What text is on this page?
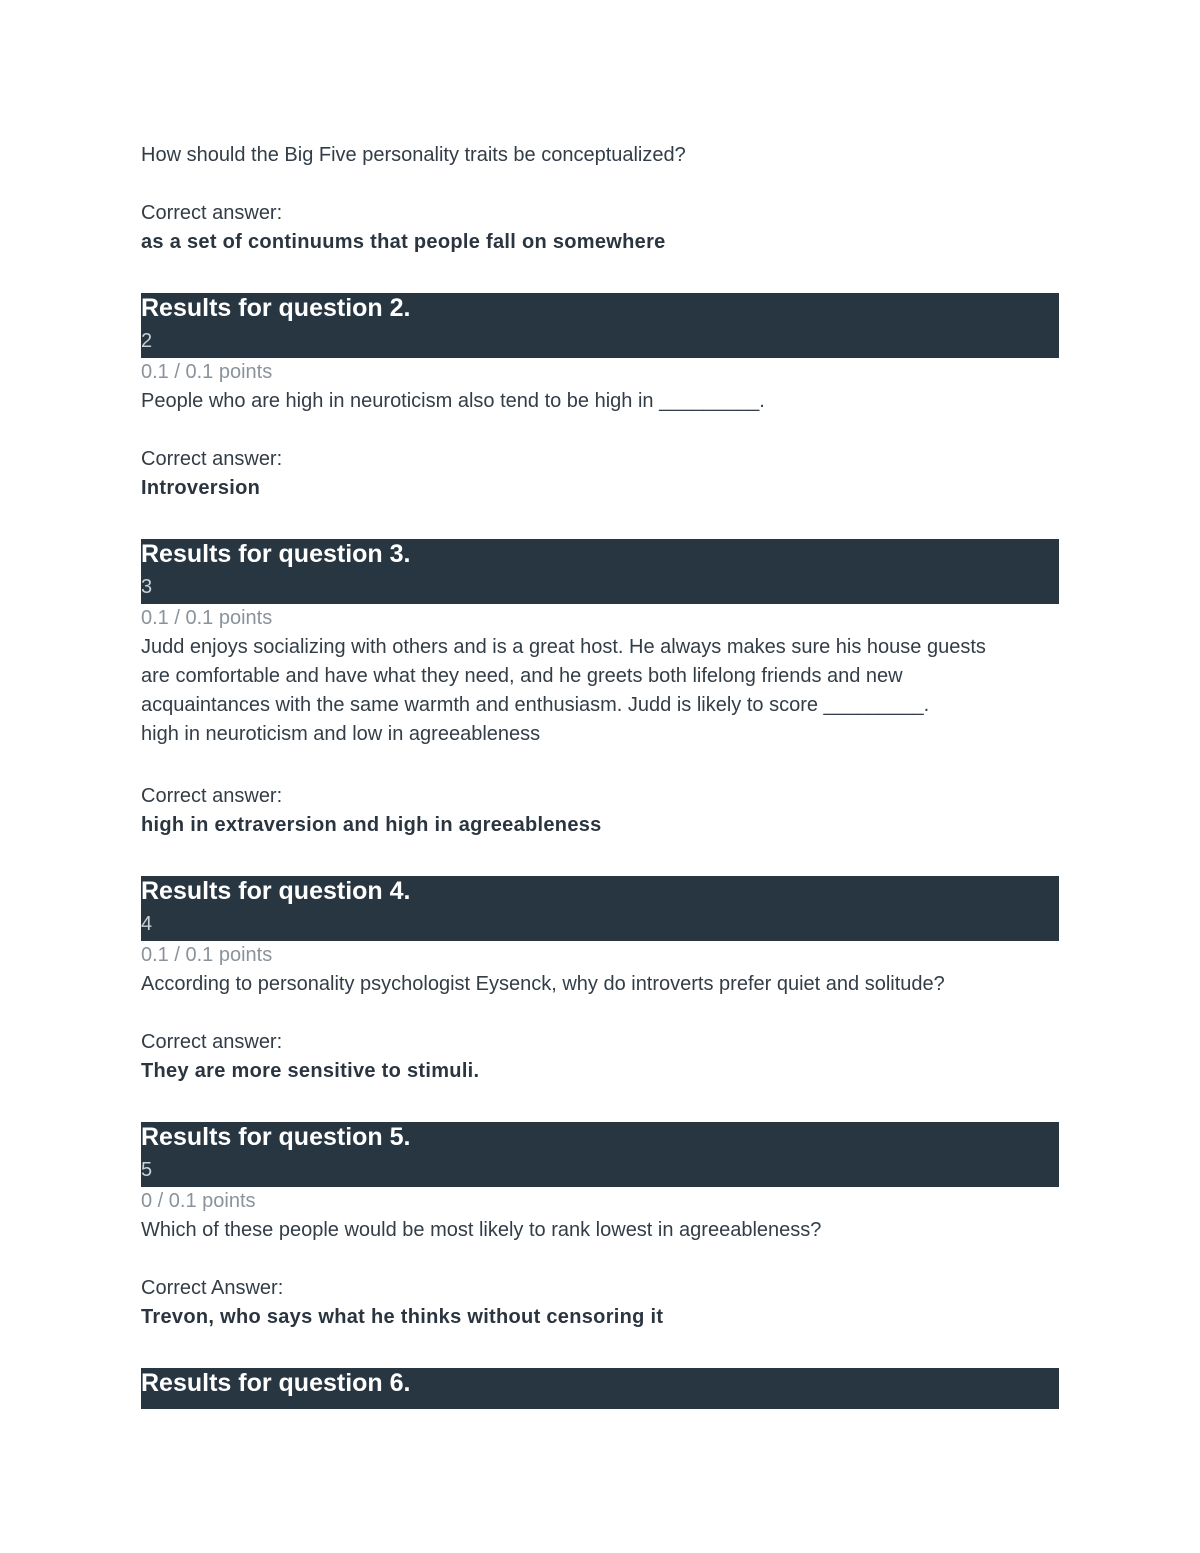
How should the Big Five personality traits be conceptualized?

Correct answer:

as a set of continuums that people fall on somewhere

Results for question 2.
2

0.1 / 0.1 points

People who are high in neuroticism also tend to be high in _________.

Correct answer:

Introversion

Results for question 3.
3

0.1 / 0.1 points

Judd enjoys socializing with others and is a great host. He always makes sure his house guests

are comfortable and have what they need, and he greets both lifelong friends and new

acquaintances with the same warmth and enthusiasm. Judd is likely to score _________.

high in neuroticism and low in agreeableness

Correct answer:

high in extraversion and high in agreeableness

Results for question 4.
4

0.1 / 0.1 points

According to personality psychologist Eysenck, why do introverts prefer quiet and solitude?

Correct answer:

They are more sensitive to stimuli.

Results for question 5.
5

0 / 0.1 points

Which of these people would be most likely to rank lowest in agreeableness?

Correct Answer:

Trevon, who says what he thinks without censoring it

Results for question 6.
